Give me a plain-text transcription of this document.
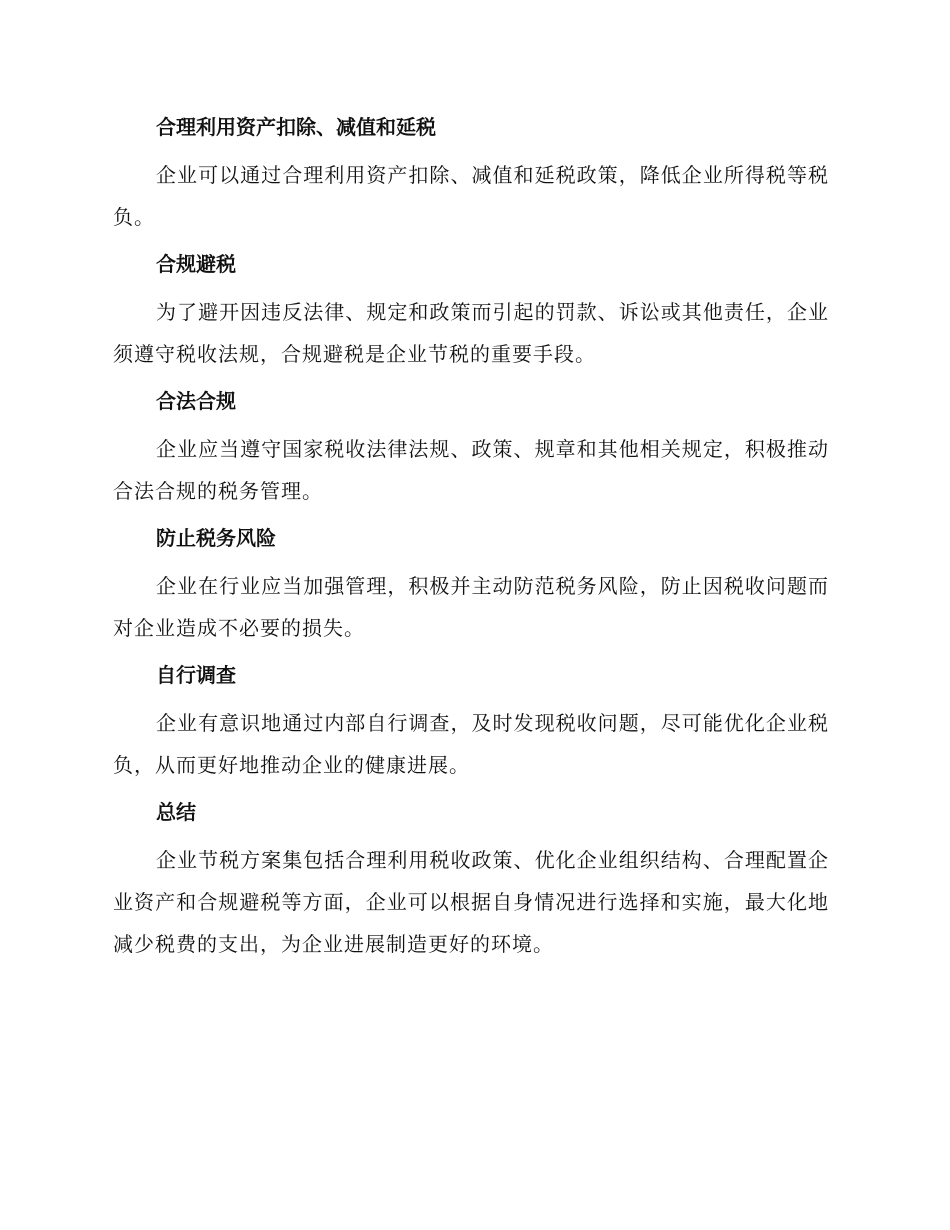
合理利用资产扣除、减值和延税

企业可以通过合理利用资产扣除、减值和延税政策，降低企业所得税等税负。

合规避税

为了避开因违反法律、规定和政策而引起的罚款、诉讼或其他责任，企业须遵守税收法规，合规避税是企业节税的重要手段。

合法合规

企业应当遵守国家税收法律法规、政策、规章和其他相关规定，积极推动合法合规的税务管理。

防止税务风险

企业在行业应当加强管理，积极并主动防范税务风险，防止因税收问题而对企业造成不必要的损失。

自行调查

企业有意识地通过内部自行调查，及时发现税收问题，尽可能优化企业税负，从而更好地推动企业的健康进展。

总结

企业节税方案集包括合理利用税收政策、优化企业组织结构、合理配置企业资产和合规避税等方面，企业可以根据自身情况进行选择和实施，最大化地减少税费的支出，为企业进展制造更好的环境。
